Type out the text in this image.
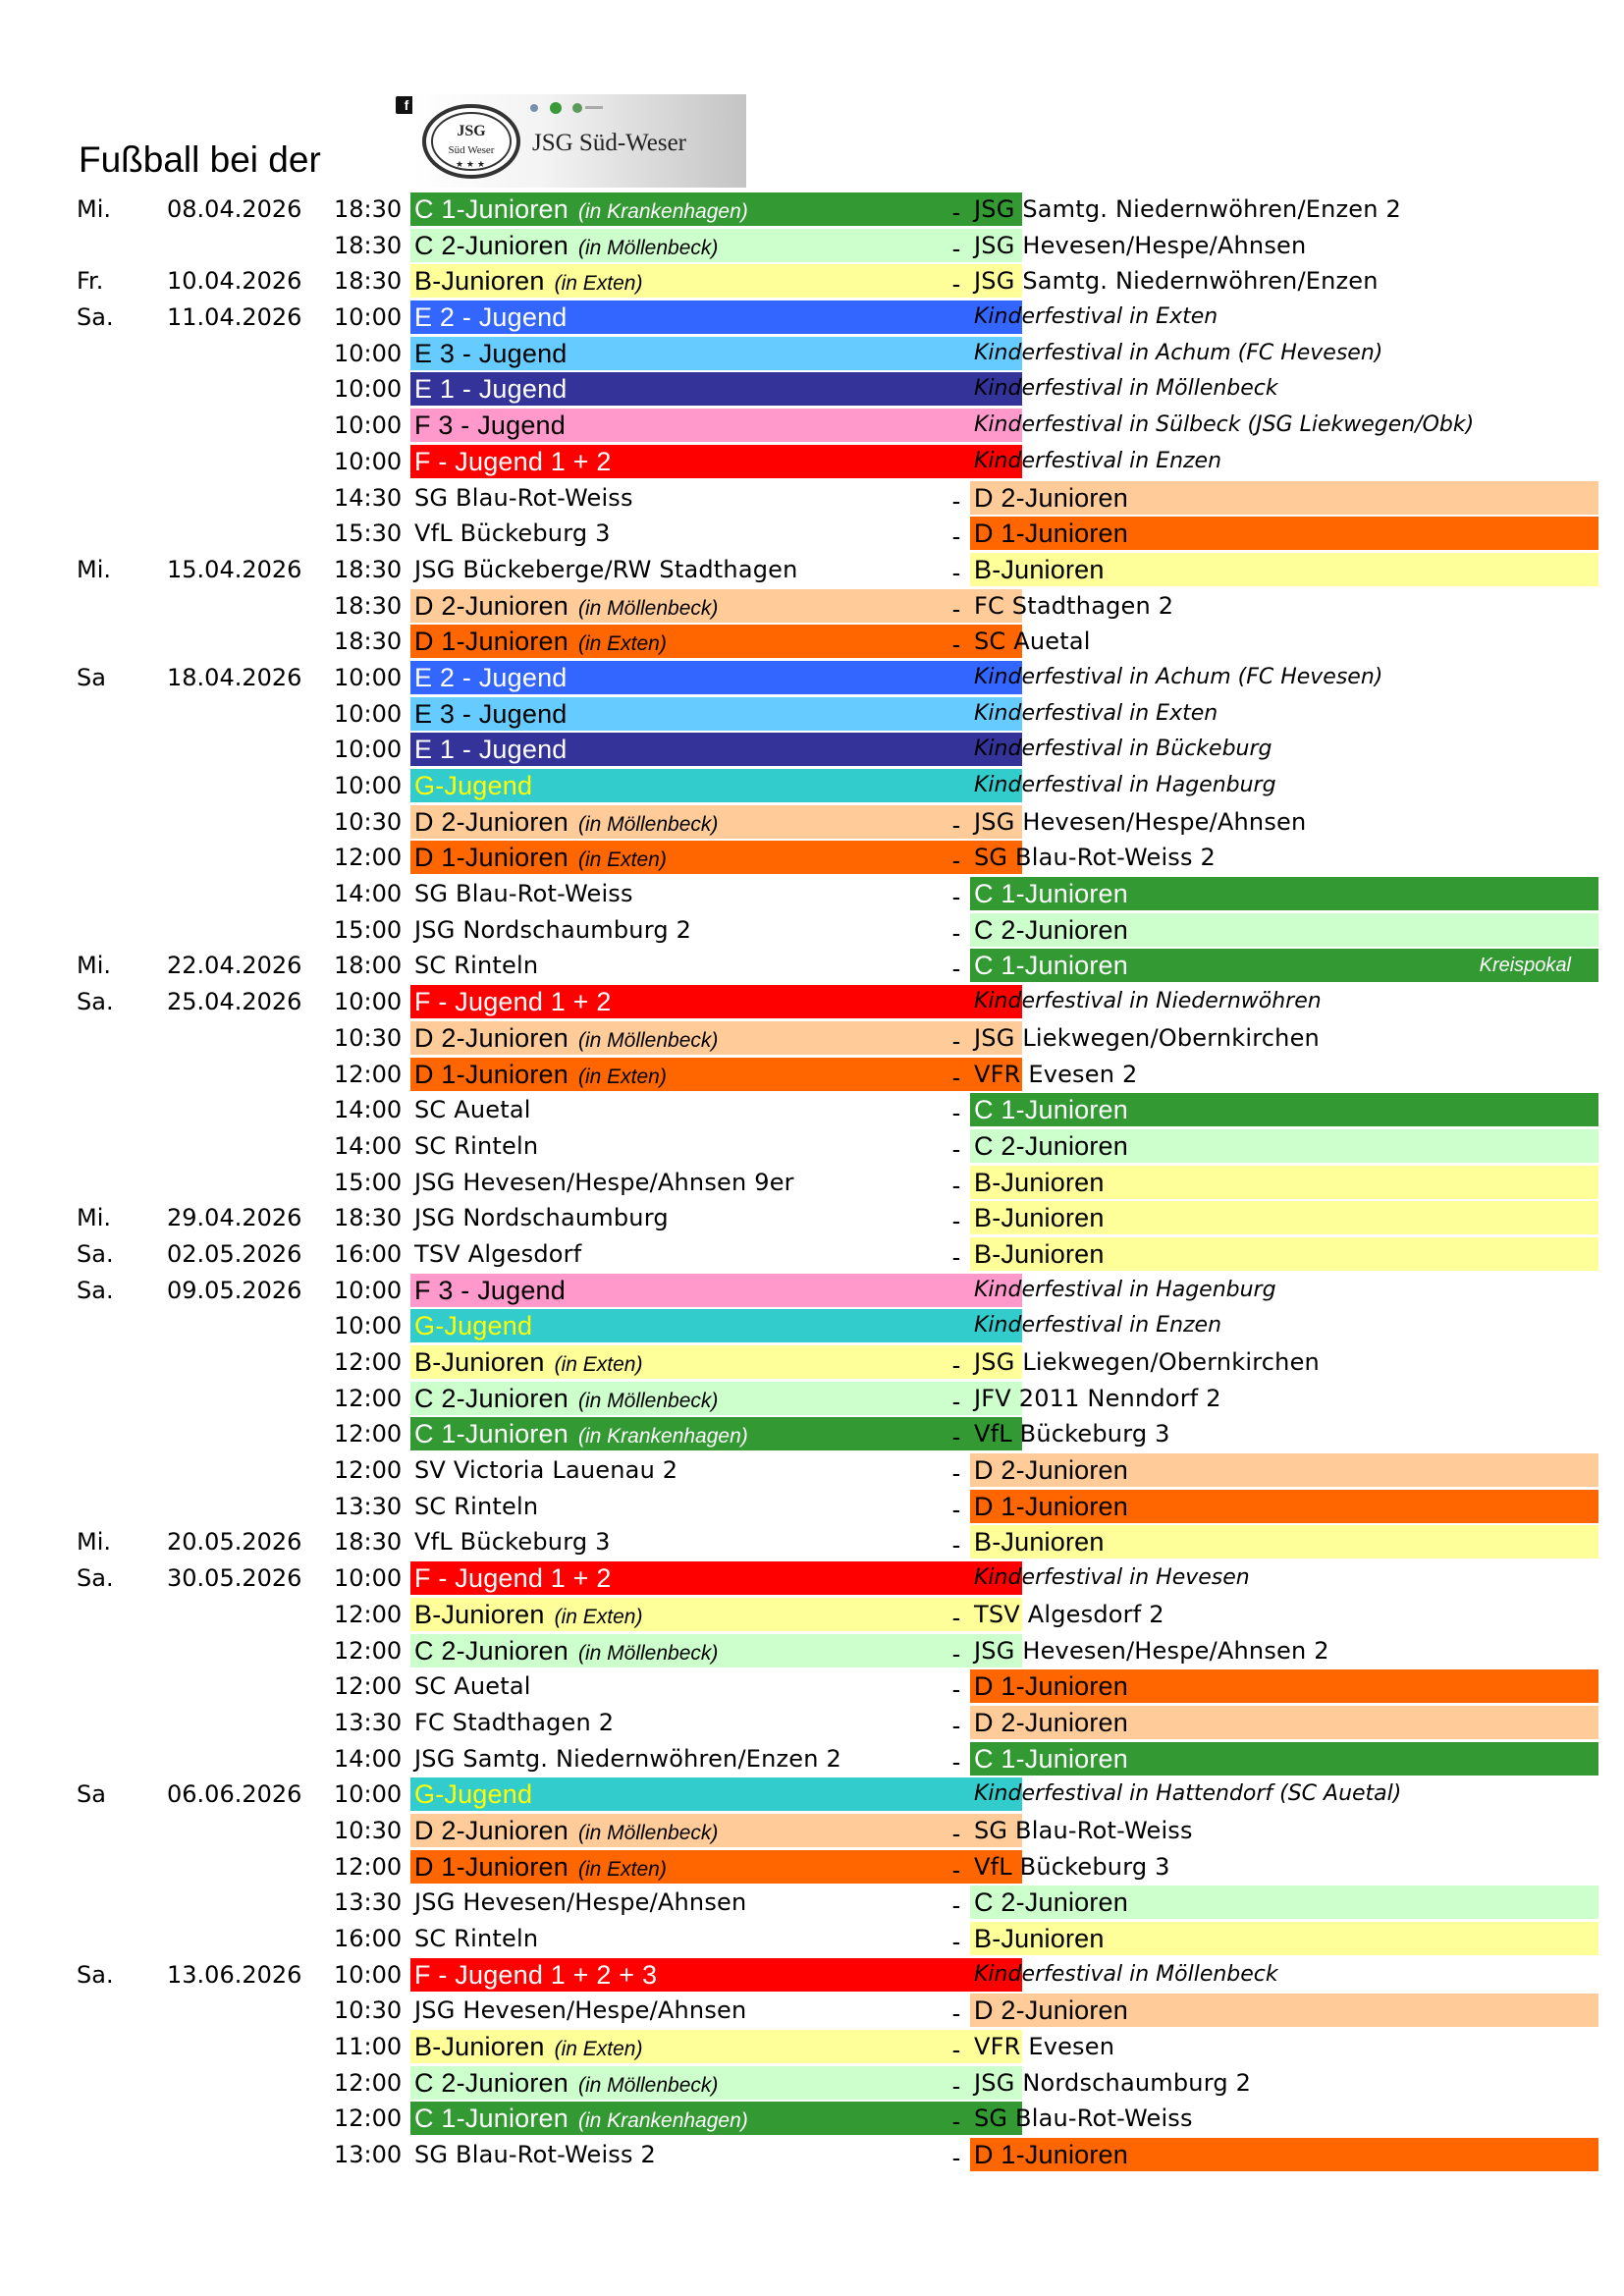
Fußball bei der
f
JSG
Süd Weser
★ ★ ★
JSG Süd-Weser
Mi.	08.04.2026	18:30 C 1-Junioren (in Krankenhagen)	- JSG Samtg. Niedernwöhren/Enzen 2
18:30 C 2-Junioren (in Möllenbeck)	- JSG Hevesen/Hespe/Ahnsen
Fr.	10.04.2026	18:30 B-Junioren (in Exten)	- JSG Samtg. Niedernwöhren/Enzen
Sa.	11.04.2026	10:00 E 2 - Jugend	Kinderfestival in Exten
10:00 E 3 - Jugend	Kinderfestival in Achum (FC Hevesen)
10:00 E 1 - Jugend	Kinderfestival in Möllenbeck
10:00 F 3 - Jugend	Kinderfestival in Sülbeck (JSG Liekwegen/Obk)
10:00 F - Jugend 1 + 2	Kinderfestival in Enzen
14:30 SG Blau-Rot-Weiss	- D 2-Junioren
15:30 VfL Bückeburg 3	- D 1-Junioren
Mi.	15.04.2026	18:30 JSG Bückeberge/RW Stadthagen	- B-Junioren
18:30 D 2-Junioren (in Möllenbeck)	- FC Stadthagen 2
18:30 D 1-Junioren (in Exten)	- SC Auetal
Sa	18.04.2026	10:00 E 2 - Jugend	Kinderfestival in Achum (FC Hevesen)
10:00 E 3 - Jugend	Kinderfestival in Exten
10:00 E 1 - Jugend	Kinderfestival in Bückeburg
10:00 G-Jugend	Kinderfestival in Hagenburg
10:30 D 2-Junioren (in Möllenbeck)	- JSG Hevesen/Hespe/Ahnsen
12:00 D 1-Junioren (in Exten)	- SG Blau-Rot-Weiss 2
14:00 SG Blau-Rot-Weiss	- C 1-Junioren
15:00 JSG Nordschaumburg 2	- C 2-Junioren
Mi.	22.04.2026	18:00 SC Rinteln	- C 1-Junioren	Kreispokal
Sa.	25.04.2026	10:00 F - Jugend 1 + 2	Kinderfestival in Niedernwöhren
10:30 D 2-Junioren (in Möllenbeck)	- JSG Liekwegen/Obernkirchen
12:00 D 1-Junioren (in Exten)	- VFR Evesen 2
14:00 SC Auetal	- C 1-Junioren
14:00 SC Rinteln	- C 2-Junioren
15:00 JSG Hevesen/Hespe/Ahnsen 9er	- B-Junioren
Mi.	29.04.2026	18:30 JSG Nordschaumburg	- B-Junioren
Sa.	02.05.2026	16:00 TSV Algesdorf	- B-Junioren
Sa.	09.05.2026	10:00 F 3 - Jugend	Kinderfestival in Hagenburg
10:00 G-Jugend	Kinderfestival in Enzen
12:00 B-Junioren (in Exten)	- JSG Liekwegen/Obernkirchen
12:00 C 2-Junioren (in Möllenbeck)	- JFV 2011 Nenndorf 2
12:00 C 1-Junioren (in Krankenhagen)	- VfL Bückeburg 3
12:00 SV Victoria Lauenau 2	- D 2-Junioren
13:30 SC Rinteln	- D 1-Junioren
Mi.	20.05.2026	18:30 VfL Bückeburg 3	- B-Junioren
Sa.	30.05.2026	10:00 F - Jugend 1 + 2	Kinderfestival in Hevesen
12:00 B-Junioren (in Exten)	- TSV Algesdorf 2
12:00 C 2-Junioren (in Möllenbeck)	- JSG Hevesen/Hespe/Ahnsen 2
12:00 SC Auetal	- D 1-Junioren
13:30 FC Stadthagen 2	- D 2-Junioren
14:00 JSG Samtg. Niedernwöhren/Enzen 2	- C 1-Junioren
Sa	06.06.2026	10:00 G-Jugend	Kinderfestival in Hattendorf (SC Auetal)
10:30 D 2-Junioren (in Möllenbeck)	- SG Blau-Rot-Weiss
12:00 D 1-Junioren (in Exten)	- VfL Bückeburg 3
13:30 JSG Hevesen/Hespe/Ahnsen	- C 2-Junioren
16:00 SC Rinteln	- B-Junioren
Sa.	13.06.2026	10:00 F - Jugend 1 + 2 + 3	Kinderfestival in Möllenbeck
10:30 JSG Hevesen/Hespe/Ahnsen	- D 2-Junioren
11:00 B-Junioren (in Exten)	- VFR Evesen
12:00 C 2-Junioren (in Möllenbeck)	- JSG Nordschaumburg 2
12:00 C 1-Junioren (in Krankenhagen)	- SG Blau-Rot-Weiss
13:00 SG Blau-Rot-Weiss 2	- D 1-Junioren
